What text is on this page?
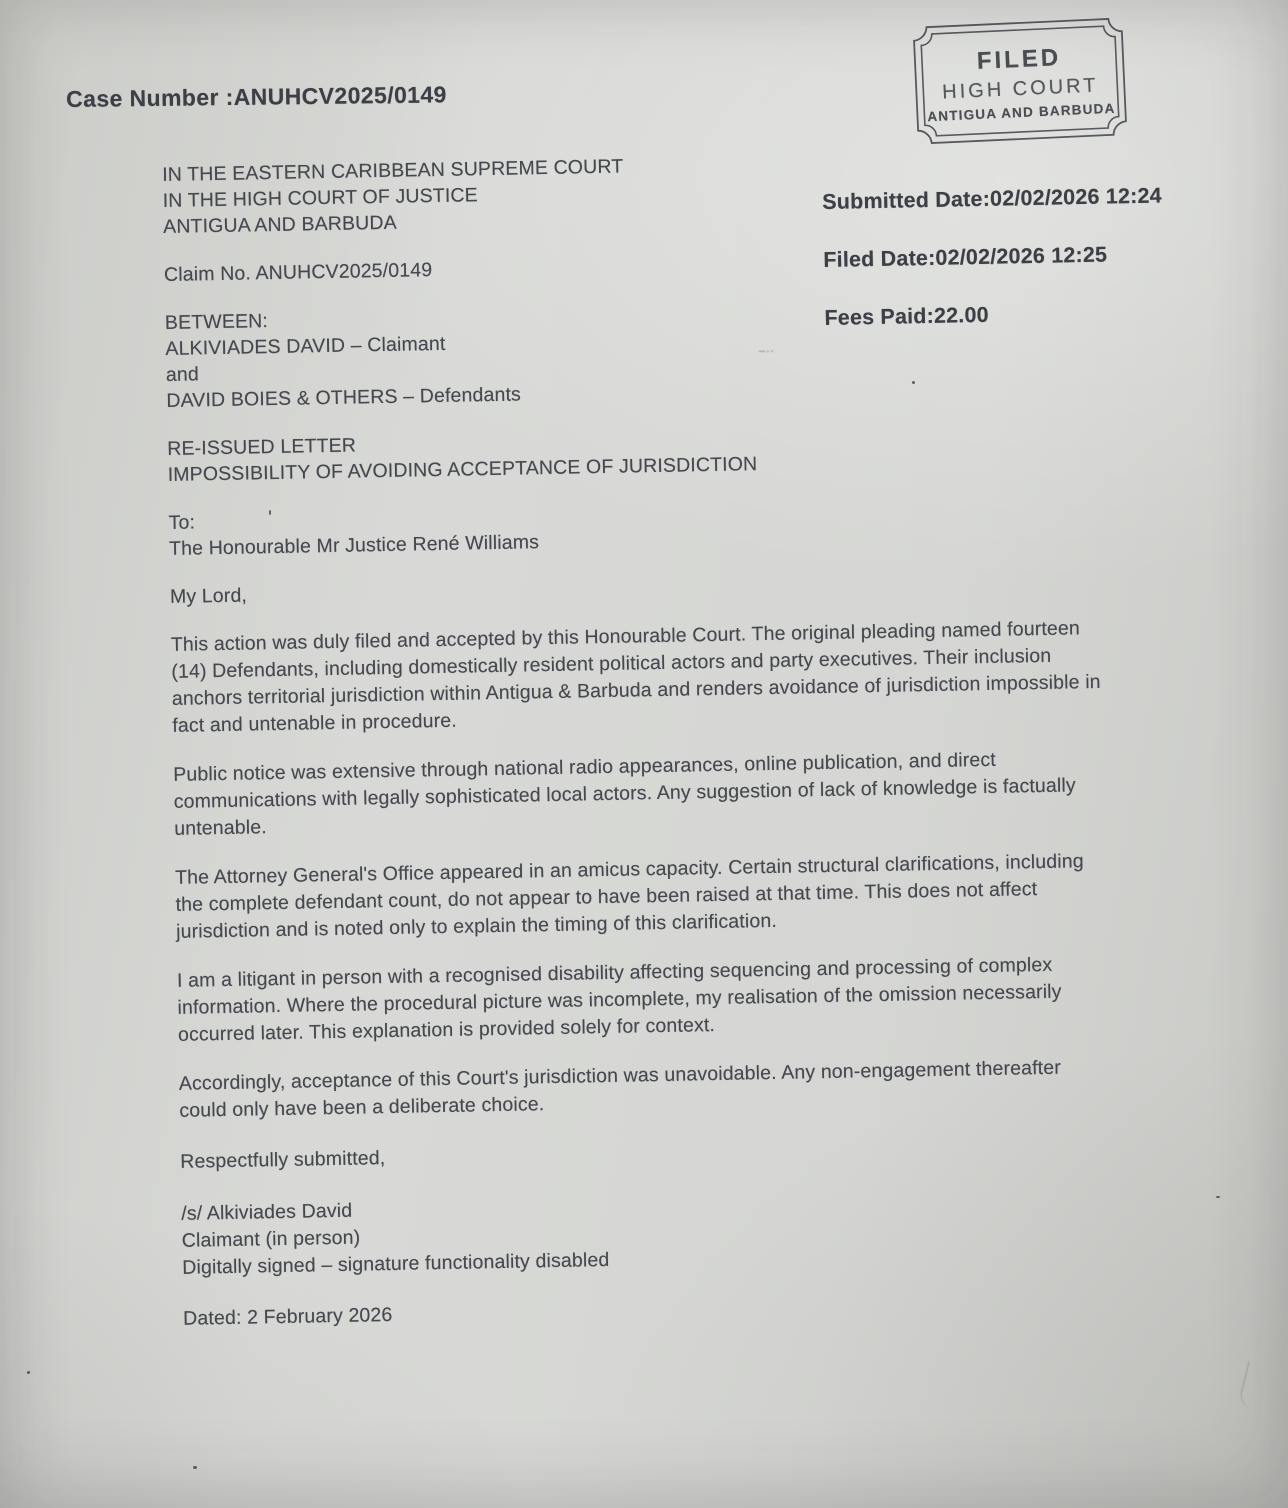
Case Number :ANUHCV2025/0149
FILED
HIGH COURT
ANTIGUA AND BARBUDA
Submitted Date:02/02/2026 12:24
Filed Date:02/02/2026 12:25
Fees Paid:22.00
IN THE EASTERN CARIBBEAN SUPREME COURT
IN THE HIGH COURT OF JUSTICE
ANTIGUA AND BARBUDA
Claim No. ANUHCV2025/0149
BETWEEN:
ALKIVIADES DAVID – Claimant
and
DAVID BOIES & OTHERS – Defendants
RE-ISSUED LETTER
IMPOSSIBILITY OF AVOIDING ACCEPTANCE OF JURISDICTION
To:
The Honourable Mr Justice René Williams
My Lord,

This action was duly filed and accepted by this Honourable Court. The original pleading named fourteen (14) Defendants, including domestically resident political actors and party executives. Their inclusion anchors territorial jurisdiction within Antigua & Barbuda and renders avoidance of jurisdiction impossible in fact and untenable in procedure.

Public notice was extensive through national radio appearances, online publication, and direct communications with legally sophisticated local actors. Any suggestion of lack of knowledge is factually untenable.

The Attorney General's Office appeared in an amicus capacity. Certain structural clarifications, including the complete defendant count, do not appear to have been raised at that time. This does not affect jurisdiction and is noted only to explain the timing of this clarification.

I am a litigant in person with a recognised disability affecting sequencing and processing of complex information. Where the procedural picture was incomplete, my realisation of the omission necessarily occurred later. This explanation is provided solely for context.

Accordingly, acceptance of this Court's jurisdiction was unavoidable. Any non-engagement thereafter could only have been a deliberate choice.

Respectfully submitted,
/s/ Alkiviades David
Claimant (in person)
Digitally signed – signature functionality disabled
Dated: 2 February 2026
~··
